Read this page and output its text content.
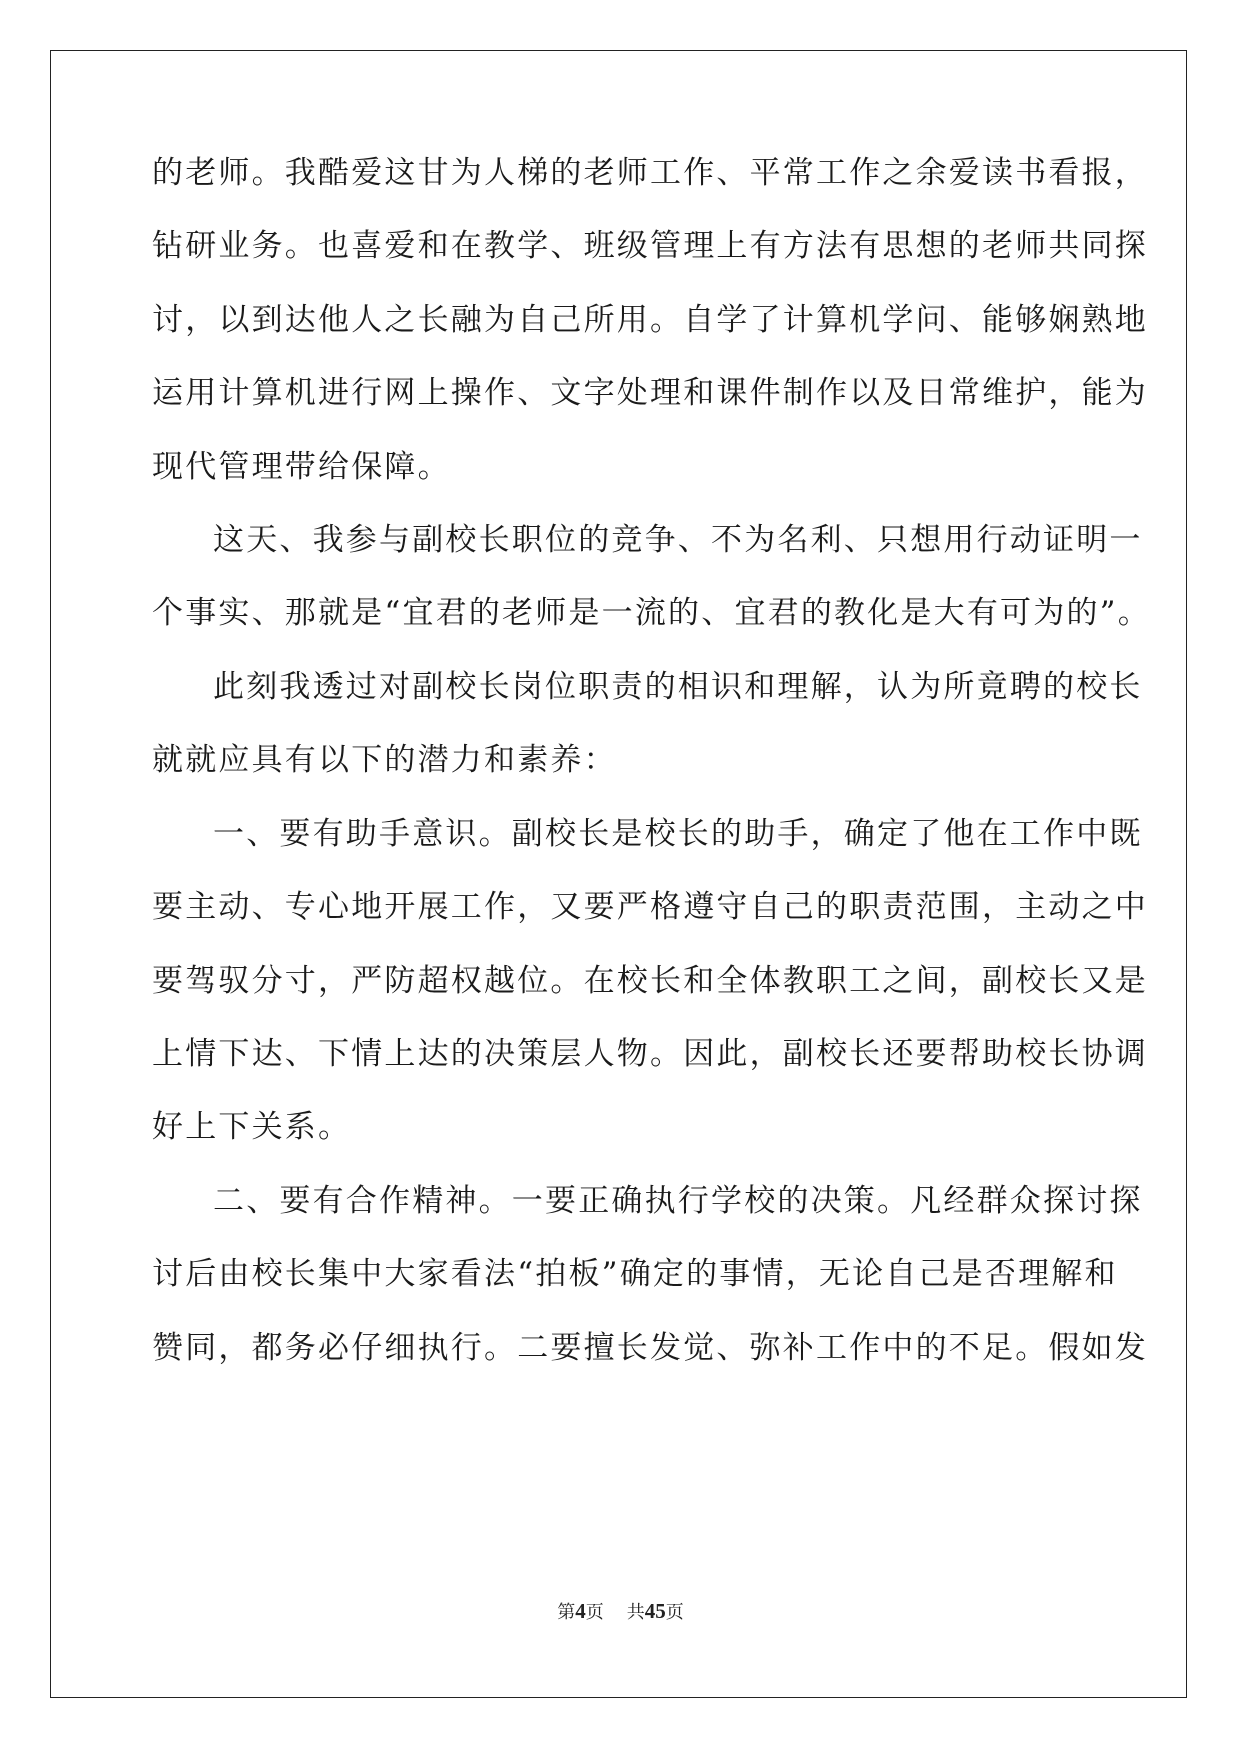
的老师。我酷爱这甘为人梯的老师工作、平常工作之余爱读书看报，
钻研业务。也喜爱和在教学、班级管理上有方法有思想的老师共同探
讨，以到达他人之长融为自己所用。自学了计算机学问、能够娴熟地
运用计算机进行网上操作、文字处理和课件制作以及日常维护，能为
现代管理带给保障。
这天、我参与副校长职位的竞争、不为名利、只想用行动证明一
个事实、那就是“宜君的老师是一流的、宜君的教化是大有可为的”。
此刻我透过对副校长岗位职责的相识和理解，认为所竟聘的校长
就就应具有以下的潜力和素养：
一、要有助手意识。副校长是校长的助手，确定了他在工作中既
要主动、专心地开展工作，又要严格遵守自己的职责范围，主动之中
要驾驭分寸，严防超权越位。在校长和全体教职工之间，副校长又是
上情下达、下情上达的决策层人物。因此，副校长还要帮助校长协调
好上下关系。
二、要有合作精神。一要正确执行学校的决策。凡经群众探讨探
讨后由校长集中大家看法“拍板”确定的事情，无论自己是否理解和
赞同，都务必仔细执行。二要擅长发觉、弥补工作中的不足。假如发
第4页 共45页
